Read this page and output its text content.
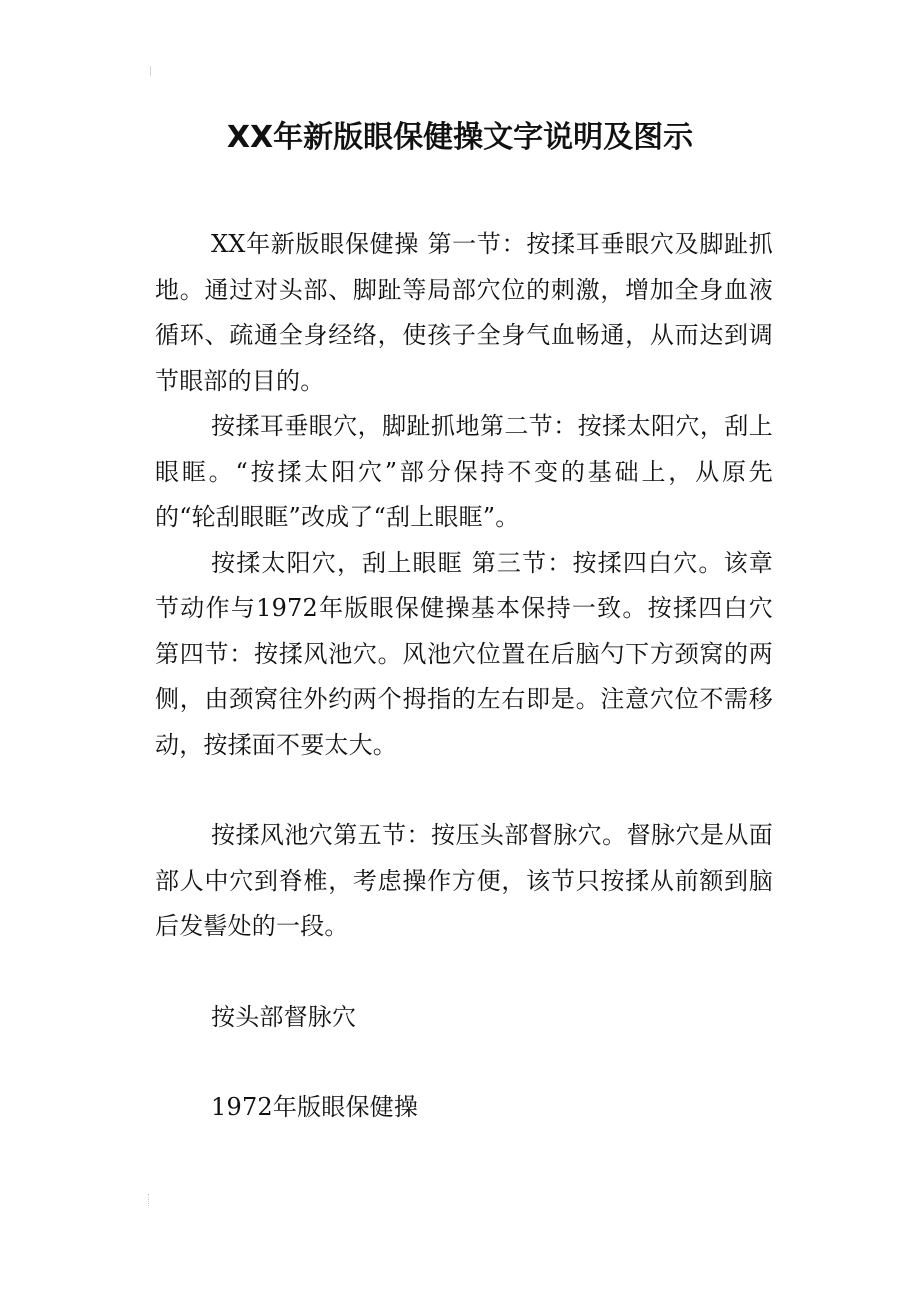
XX年新版眼保健操文字说明及图示

XX年新版眼保健操 第一节：按揉耳垂眼穴及脚趾抓地。通过对头部、脚趾等局部穴位的刺激，增加全身血液循环、疏通全身经络，使孩子全身气血畅通，从而达到调节眼部的目的。

按揉耳垂眼穴，脚趾抓地第二节：按揉太阳穴，刮上眼眶。“按揉太阳穴”部分保持不变的基础上，从原先的“轮刮眼眶”改成了“刮上眼眶”。

按揉太阳穴，刮上眼眶 第三节：按揉四白穴。该章节动作与1972年版眼保健操基本保持一致。按揉四白穴第四节：按揉风池穴。风池穴位置在后脑勺下方颈窝的两侧，由颈窝往外约两个拇指的左右即是。注意穴位不需移动，按揉面不要太大。

按揉风池穴第五节：按压头部督脉穴。督脉穴是从面部人中穴到脊椎，考虑操作方便，该节只按揉从前额到脑后发髻处的一段。

按头部督脉穴

1972年版眼保健操
